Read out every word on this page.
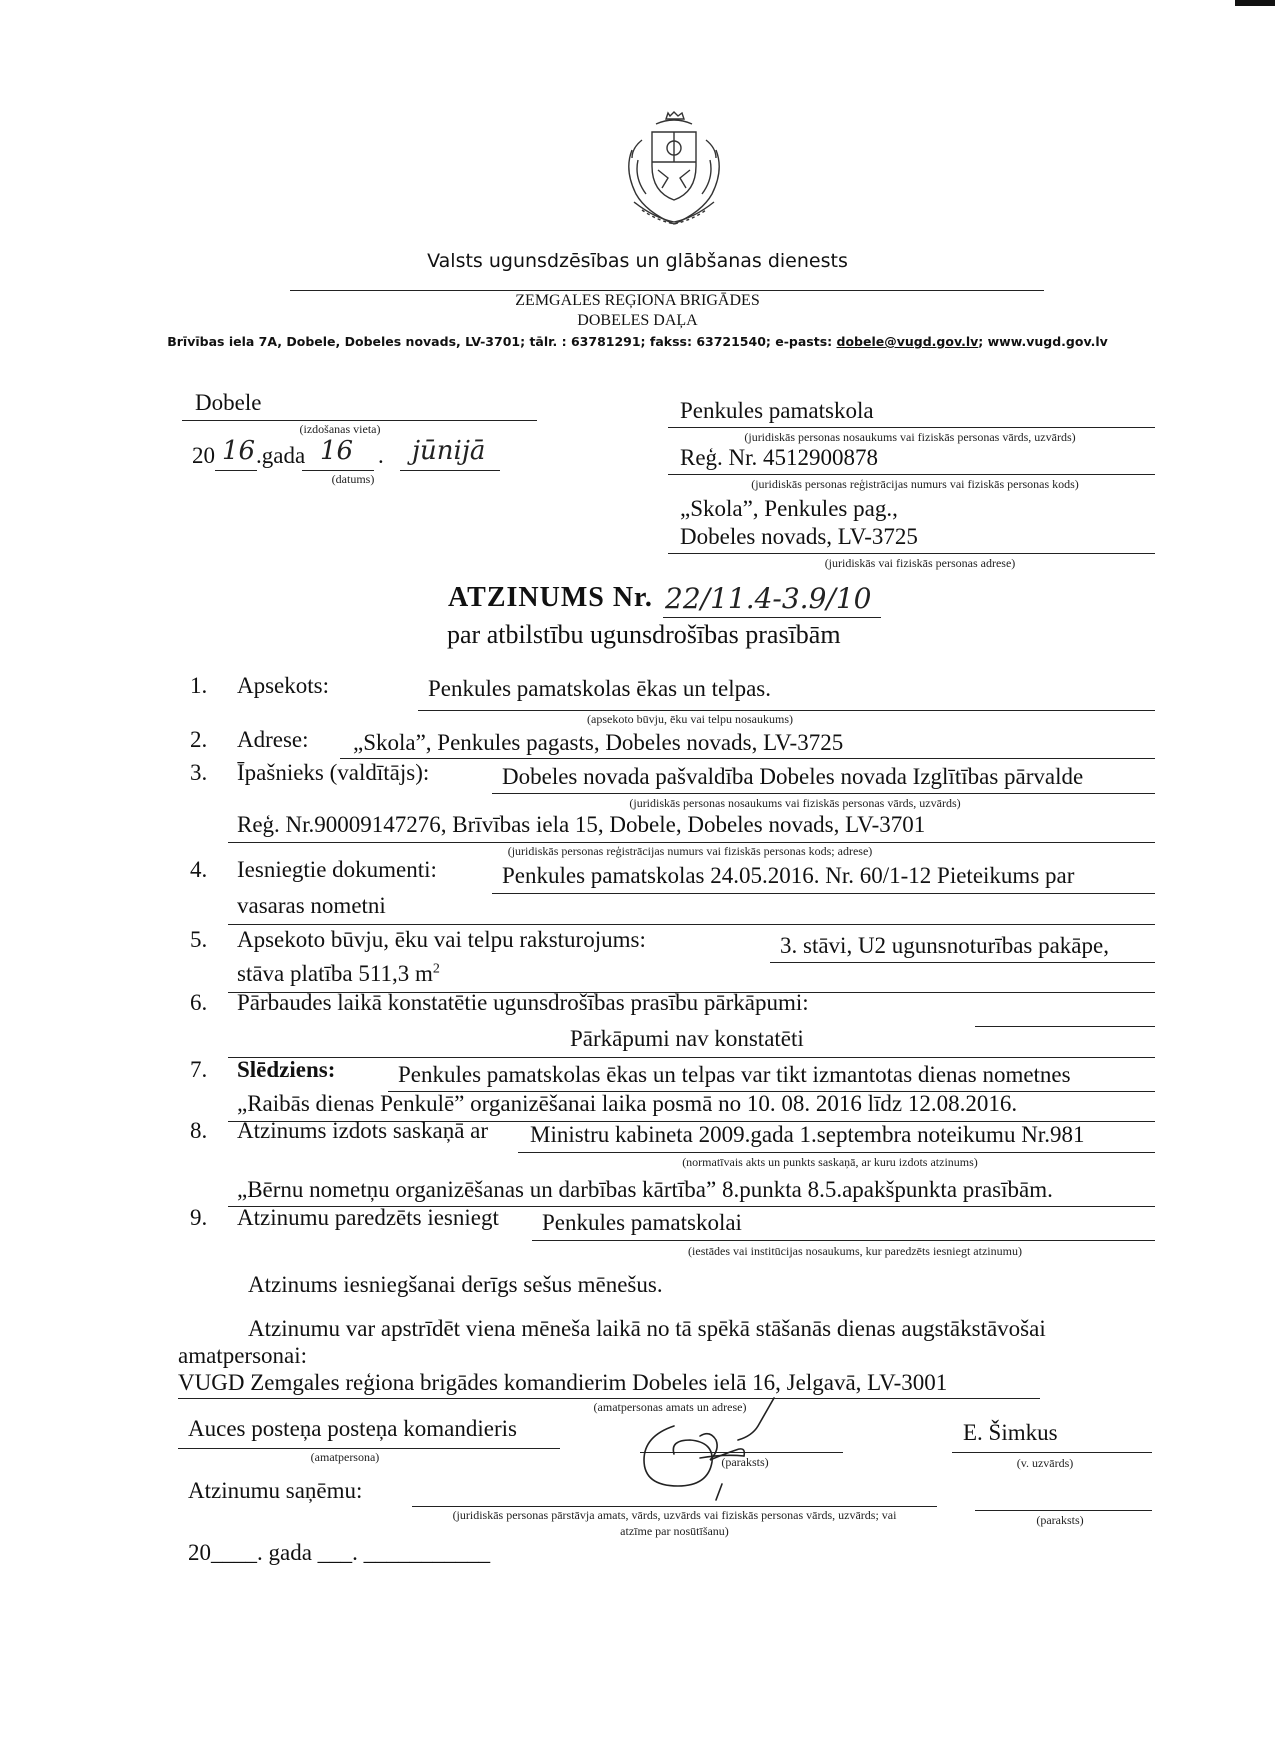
Valsts ugunsdzēsības un glābšanas dienests
ZEMGALES REĢIONA BRIGĀDES
DOBELES DAĻA
Brīvības iela 7A, Dobele, Dobeles novads, LV-3701; tālr. : 63781291; fakss: 63721540; e-pasts: dobele@vugd.gov.lv; www.vugd.gov.lv
Dobele
(izdošanas vieta)
20 16 .gada 16 . jūnijā
(datums)
Penkules pamatskola
(juridiskās personas nosaukums vai fiziskās personas vārds, uzvārds)
Reģ. Nr. 4512900878
(juridiskās personas reģistrācijas numurs vai fiziskās personas kods)
„Skola”, Penkules pag.,
Dobeles novads, LV-3725
(juridiskās vai fiziskās personas adrese)
ATZINUMS Nr. 22/11.4-3.9/10
par atbilstību ugunsdrošības prasībām
1. Apsekots:	Penkules pamatskolas ēkas un telpas.
(apsekoto būvju, ēku vai telpu nosaukums)
2. Adrese: „Skola”, Penkules pagasts, Dobeles novads, LV-3725
3. Īpašnieks (valdītājs):	Dobeles novada pašvaldība Dobeles novada Izglītības pārvalde
(juridiskās personas nosaukums vai fiziskās personas vārds, uzvārds)
Reģ. Nr.90009147276, Brīvības iela 15, Dobele, Dobeles novads, LV-3701
(juridiskās personas reģistrācijas numurs vai fiziskās personas kods; adrese)
4. Iesniegtie dokumenti:	Penkules pamatskolas 24.05.2016. Nr. 60/1-12 Pieteikums par
vasaras nometni
5. Apsekoto būvju, ēku vai telpu raksturojums:	3. stāvi, U2 ugunsnoturības pakāpe,
stāva platība 511,3 $m^2$
6. Pārbaudes laikā konstatētie ugunsdrošības prasību pārkāpumi:
Pārkāpumi nav konstatēti
7. Slēdziens:	Penkules pamatskolas ēkas un telpas var tikt izmantotas dienas nometnes
„Raibās dienas Penkulē” organizēšanai laika posmā no 10. 08. 2016 līdz 12.08.2016.
8. Atzinums izdots saskaņā ar Ministru kabineta 2009.gada 1.septembra noteikumu Nr.981
(normatīvais akts un punkts saskaņā, ar kuru izdots atzinums)
„Bērnu nometņu organizēšanas un darbības kārtība” 8.punkta 8.5.apakšpunkta prasībām.
9. Atzinumu paredzēts iesniegt Penkules pamatskolai
(iestādes vai institūcijas nosaukums, kur paredzēts iesniegt atzinumu)
Atzinums iesniegšanai derīgs sešus mēnešus.
Atzinumu var apstrīdēt viena mēneša laikā no tā spēkā stāšanās dienas augstākstāvošai
amatpersonai:
VUGD Zemgales reģiona brigādes komandierim Dobeles ielā 16, Jelgavā, LV-3001
(amatpersonas amats un adrese)
Auces posteņa posteņa komandieris
(amatpersona)	(paraksts)
E. Šimkus
(v. uzvārds)
Atzinumu saņēmu:
(juridiskās personas pārstāvja amats, vārds, uzvārds vai fiziskās personas vārds, uzvārds; vai
atzīme par nosūtīšanu)
(paraksts)
20____. gada ___. ___________
